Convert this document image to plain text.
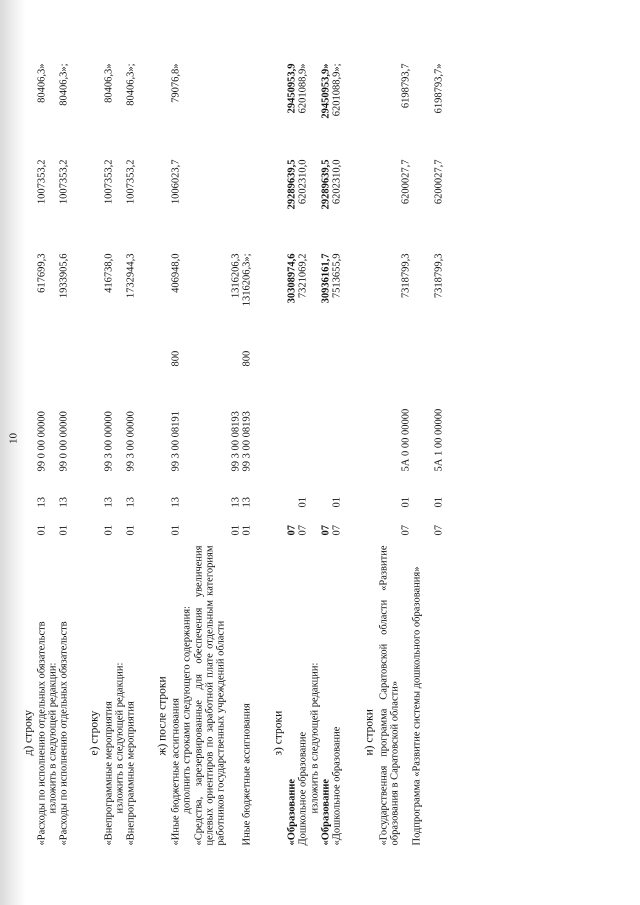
10
д) строку «Расходы по исполнению отдельных обязательств
01
13
99 0 00 00000
617699,3
1007353,2
80406,3»
изложить в следующей редакции: «Расходы по исполнению отдельных обязательств
01
13
99 0 00 00000
1933905,6
1007353,2
80406,3»;
е) строку «Внепрограммные мероприятия
01
13
99 3 00 00000
416738,0
1007353,2
80406,3»
изложить в следующей редакции: «Внепрограммные мероприятия
01
13
99 3 00 00000
1732944,3
1007353,2
80406,3»;
ж) после строки «Иные бюджетные ассигнования
01
13
99 3 00 08191
800
406948,0
1006023,7
79076,8»
дополнить строками следующего содержания: «Средства, зарезервированные для обеспечения увеличения целевых ориентиров по заработной плате отдельным категориям работников государственных учреждений области
01
13
99 3 00 08193
1316206,3
Иные бюджетные ассигнования
01
13
99 3 00 08193
800
1316206,3»;
з) строки
«Образование
07
30308974,6
29289639,5
29450953,9
Дошкольное образование
07
01
7321069,2
6202310,0
6201088,9»
изложить в следующей редакции: «Образование
07
30936161,7
29289639,5
29450953,9»
«Дошкольное образование
07
01
7513655,9
6202310,0
6201088,9»;
и) строки «Государственная программа Саратовской области «Развитие образования в Саратовской области»
07
01
5А 0 00 00000
7318799,3
6200027,7
6198793,7
Подпрограмма «Развитие системы дошкольного образования»
07
01
5А 1 00 00000
7318799,3
6200027,7
6198793,7»
